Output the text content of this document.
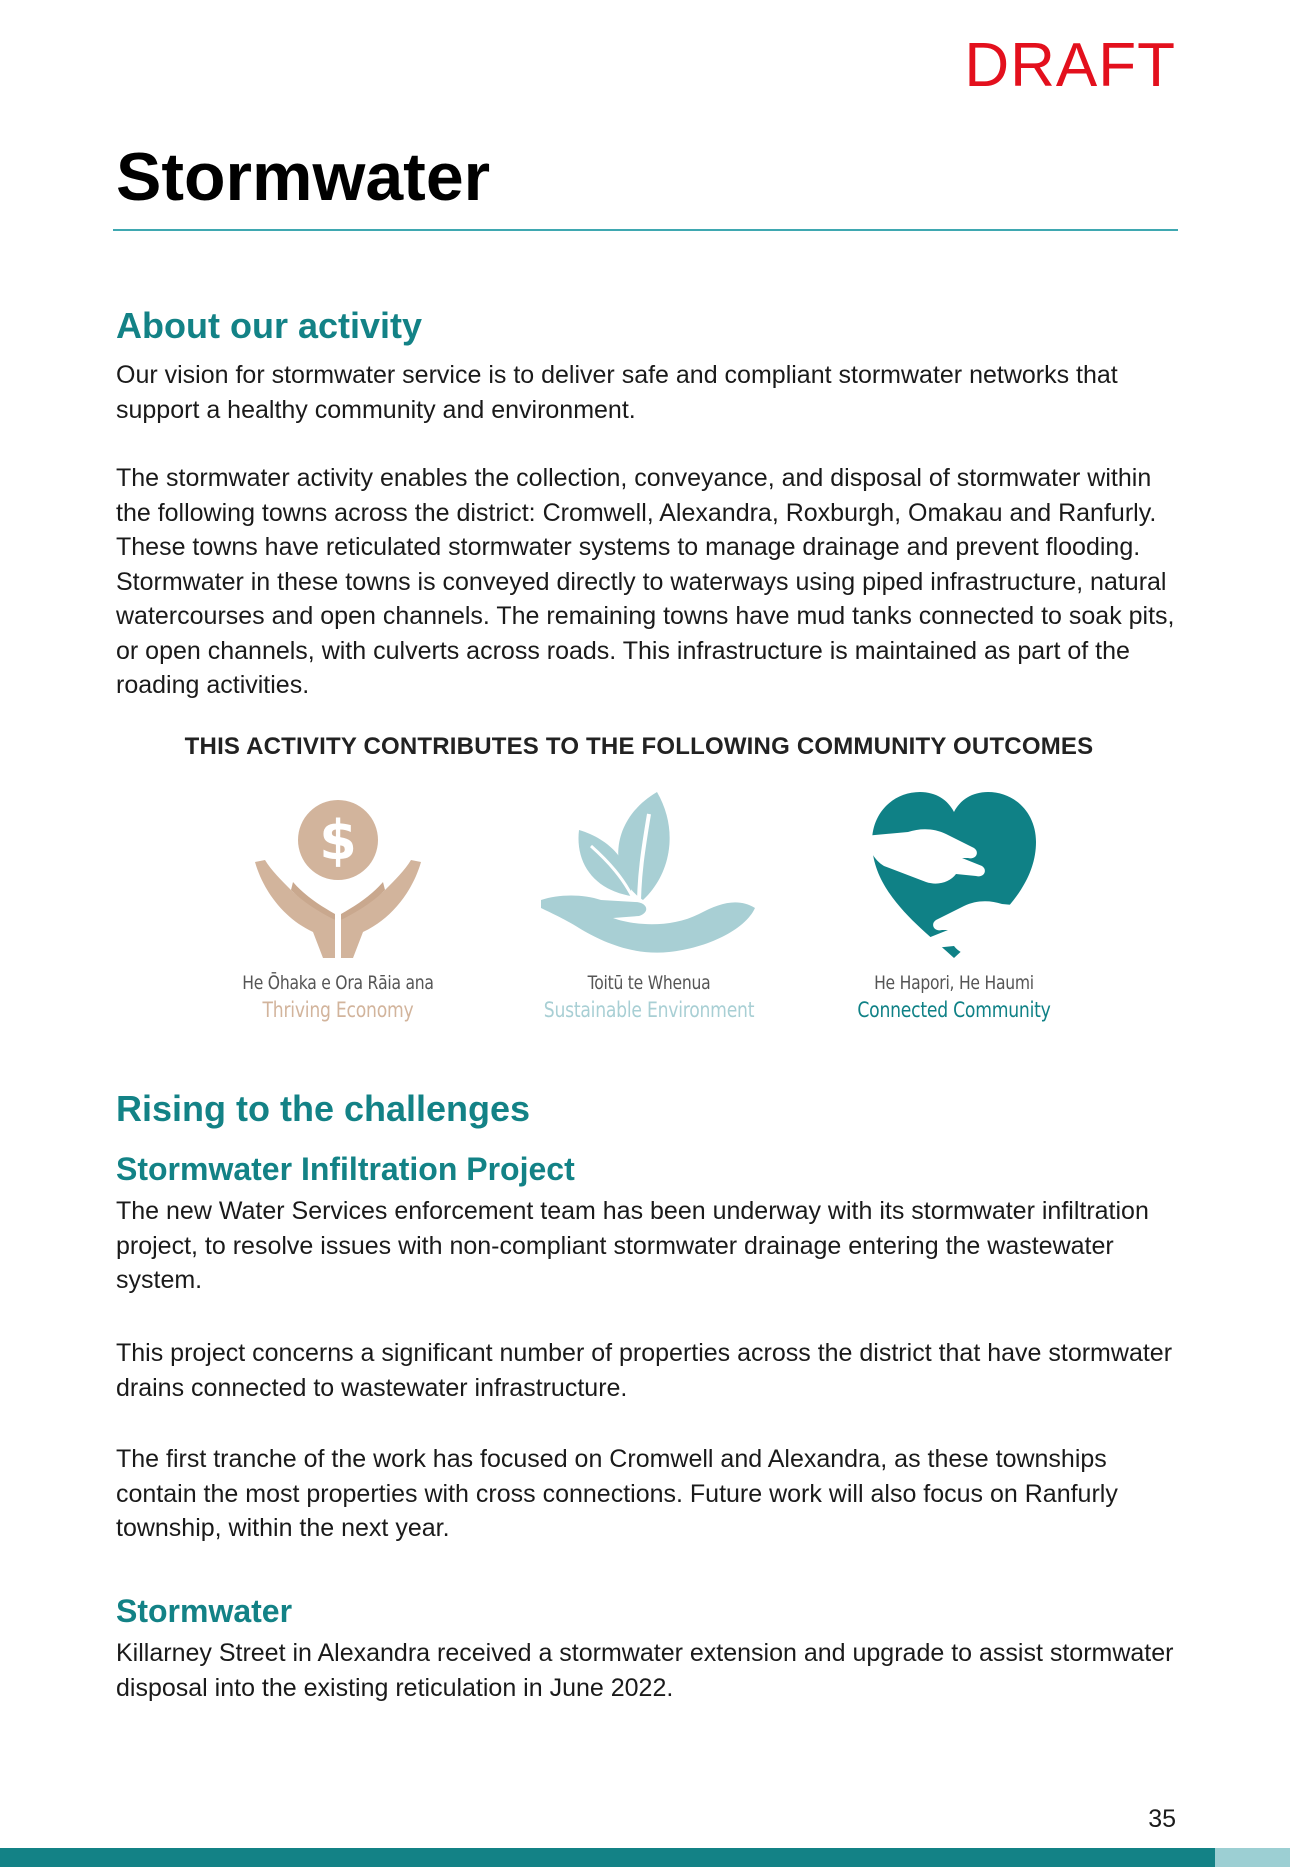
DRAFT
Stormwater
About our activity

Our vision for stormwater service is to deliver safe and compliant stormwater networks that support a healthy community and environment.

The stormwater activity enables the collection, conveyance, and disposal of stormwater within the following towns across the district: Cromwell, Alexandra, Roxburgh, Omakau and Ranfurly. These towns have reticulated stormwater systems to manage drainage and prevent flooding. Stormwater in these towns is conveyed directly to waterways using piped infrastructure, natural watercourses and open channels. The remaining towns have mud tanks connected to soak pits, or open channels, with culverts across roads. This infrastructure is maintained as part of the roading activities.

THIS ACTIVITY CONTRIBUTES TO THE FOLLOWING COMMUNITY OUTCOMES
$
He Ōhaka e Ora Rāia ana
Thriving Economy
Toitū te Whenua
Sustainable Environment
He Hapori, He Haumi
Connected Community
Rising to the challenges
Stormwater Infiltration Project

The new Water Services enforcement team has been underway with its stormwater infiltration project, to resolve issues with non-compliant stormwater drainage entering the wastewater system.

This project concerns a significant number of properties across the district that have stormwater drains connected to wastewater infrastructure.

The first tranche of the work has focused on Cromwell and Alexandra, as these townships contain the most properties with cross connections. Future work will also focus on Ranfurly township, within the next year.

Stormwater

Killarney Street in Alexandra received a stormwater extension and upgrade to assist stormwater disposal into the existing reticulation in June 2022.

35
